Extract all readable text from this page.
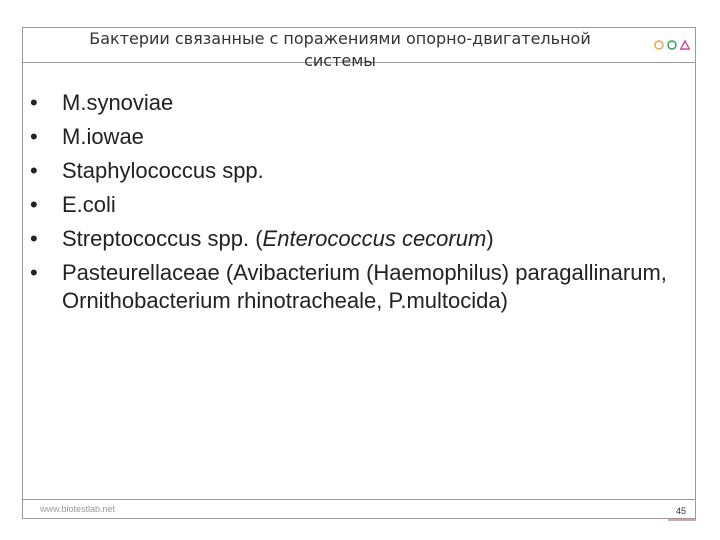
Бактерии связанные с поражениями опорно-двигательной системы
•	M.synoviae
•	M.iowae
•	Staphylococcus spp.
•	E.coli
•	Streptococcus spp. (Enterococcus cecorum)
•	Pasteurellaceae (Avibacterium (Haemophilus) paragallinarum, Ornithobacterium rhinotracheale, P.multocida)
www.biotestlab.net	45
